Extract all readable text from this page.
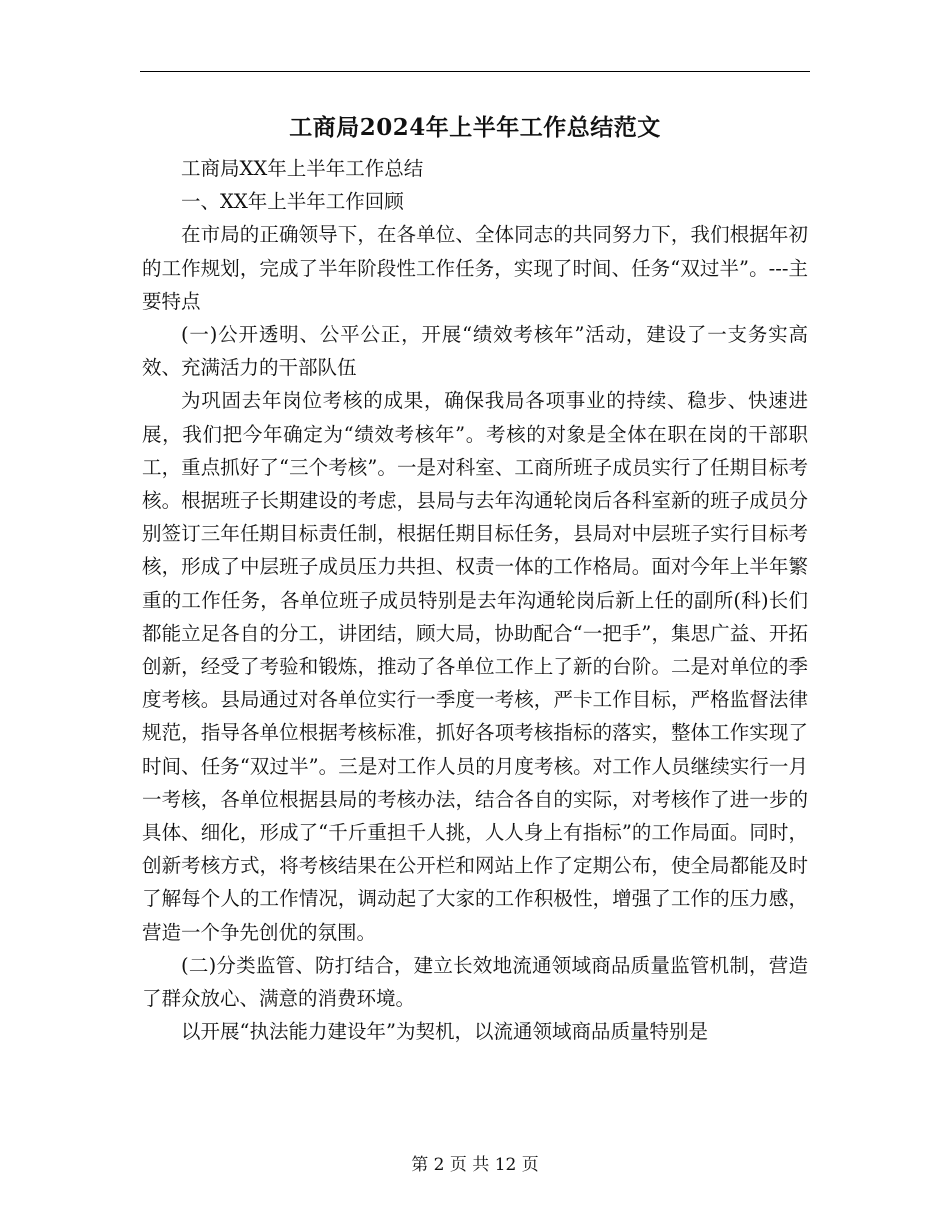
工商局2024年上半年工作总结范文

工商局XX年上半年工作总结

一、XX年上半年工作回顾

在市局的正确领导下，在各单位、全体同志的共同努力下，我们根据年初的工作规划，完成了半年阶段性工作任务，实现了时间、任务“双过半”。---主要特点

(一)公开透明、公平公正，开展“绩效考核年”活动，建设了一支务实高效、充满活力的干部队伍

为巩固去年岗位考核的成果，确保我局各项事业的持续、稳步、快速进展，我们把今年确定为“绩效考核年”。考核的对象是全体在职在岗的干部职工，重点抓好了“三个考核”。一是对科室、工商所班子成员实行了任期目标考核。根据班子长期建设的考虑，县局与去年沟通轮岗后各科室新的班子成员分别签订三年任期目标责任制，根据任期目标任务，县局对中层班子实行目标考核，形成了中层班子成员压力共担、权责一体的工作格局。面对今年上半年繁重的工作任务，各单位班子成员特别是去年沟通轮岗后新上任的副所(科)长们都能立足各自的分工，讲团结，顾大局，协助配合“一把手”，集思广益、开拓创新，经受了考验和锻炼，推动了各单位工作上了新的台阶。二是对单位的季度考核。县局通过对各单位实行一季度一考核，严卡工作目标，严格监督法律规范，指导各单位根据考核标准，抓好各项考核指标的落实，整体工作实现了时间、任务“双过半”。三是对工作人员的月度考核。对工作人员继续实行一月一考核，各单位根据县局的考核办法，结合各自的实际，对考核作了进一步的具体、细化，形成了“千斤重担千人挑，人人身上有指标”的工作局面。同时，创新考核方式，将考核结果在公开栏和网站上作了定期公布，使全局都能及时了解每个人的工作情况，调动起了大家的工作积极性，增强了工作的压力感，营造一个争先创优的氛围。

(二)分类监管、防打结合，建立长效地流通领域商品质量监管机制，营造了群众放心、满意的消费环境。

以开展“执法能力建设年”为契机，以流通领域商品质量特别是

第 2 页 共 12 页
